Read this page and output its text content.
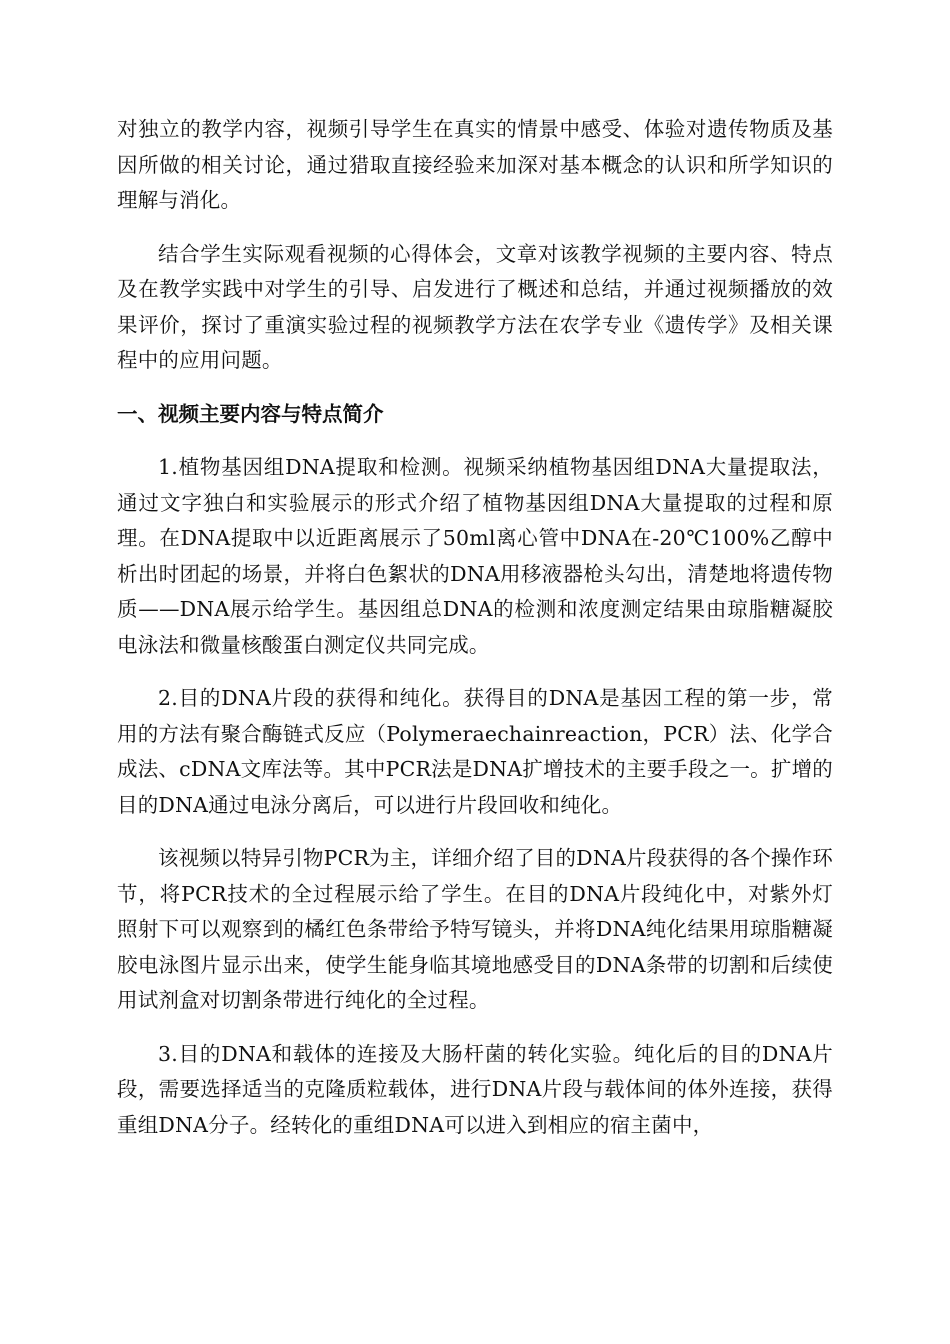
对独立的教学内容，视频引导学生在真实的情景中感受、体验对遗传物质及基因所做的相关讨论，通过猎取直接经验来加深对基本概念的认识和所学知识的理解与消化。

结合学生实际观看视频的心得体会，文章对该教学视频的主要内容、特点及在教学实践中对学生的引导、启发进行了概述和总结，并通过视频播放的效果评价，探讨了重演实验过程的视频教学方法在农学专业《遗传学》及相关课程中的应用问题。

一、视频主要内容与特点简介

1.植物基因组DNA提取和检测。视频采纳植物基因组DNA大量提取法，通过文字独白和实验展示的形式介绍了植物基因组DNA大量提取的过程和原理。在DNA提取中以近距离展示了50ml离心管中DNA在-20℃100%乙醇中析出时团起的场景，并将白色絮状的DNA用移液器枪头勾出，清楚地将遗传物质——DNA展示给学生。基因组总DNA的检测和浓度测定结果由琼脂糖凝胶电泳法和微量核酸蛋白测定仪共同完成。

2.目的DNA片段的获得和纯化。获得目的DNA是基因工程的第一步，常用的方法有聚合酶链式反应（Polymeraechainreaction，PCR）法、化学合成法、cDNA文库法等。其中PCR法是DNA扩增技术的主要手段之一。扩增的目的DNA通过电泳分离后，可以进行片段回收和纯化。

该视频以特异引物PCR为主，详细介绍了目的DNA片段获得的各个操作环节，将PCR技术的全过程展示给了学生。在目的DNA片段纯化中，对紫外灯照射下可以观察到的橘红色条带给予特写镜头，并将DNA纯化结果用琼脂糖凝胶电泳图片显示出来，使学生能身临其境地感受目的DNA条带的切割和后续使用试剂盒对切割条带进行纯化的全过程。

3.目的DNA和载体的连接及大肠杆菌的转化实验。纯化后的目的DNA片段，需要选择适当的克隆质粒载体，进行DNA片段与载体间的体外连接，获得重组DNA分子。经转化的重组DNA可以进入到相应的宿主菌中，
